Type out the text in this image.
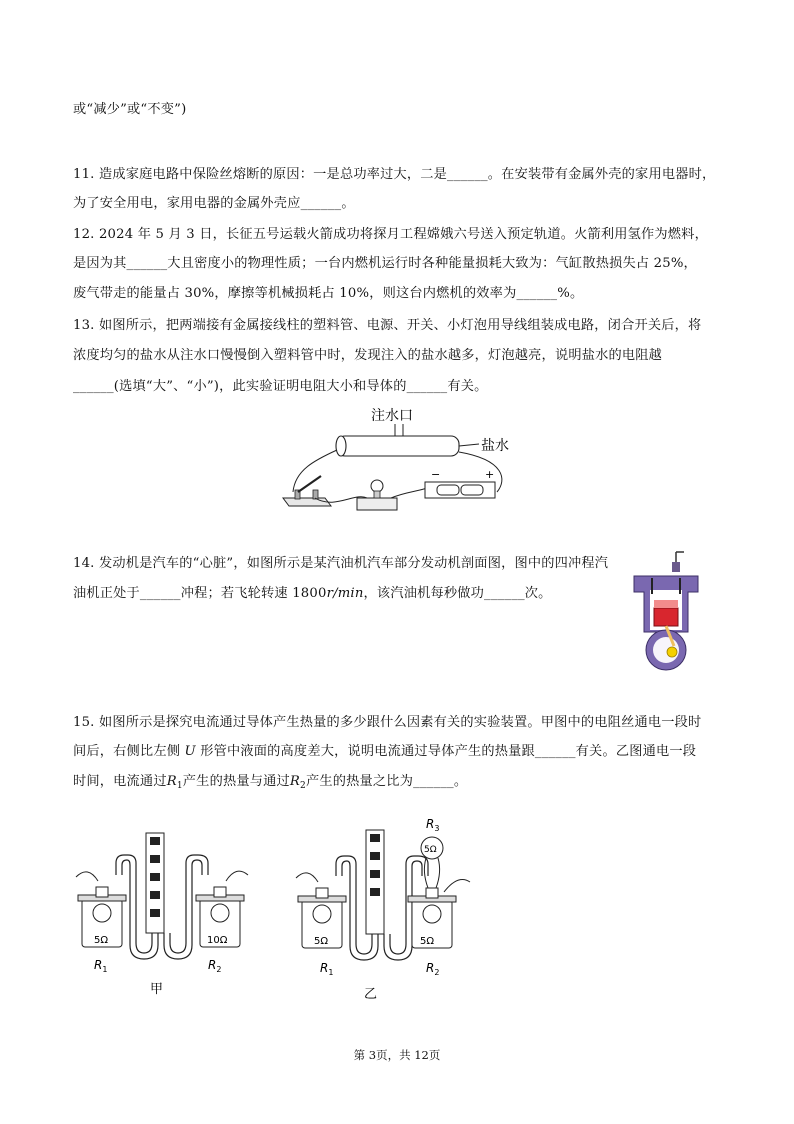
或“减少”或“不变”)
11. 造成家庭电路中保险丝熔断的原因：一是总功率过大，二是______。在安装带有金属外壳的家用电器时，
为了安全用电，家用电器的金属外壳应______。
12. 2024 年 5 月 3 日，长征五号运载火箭成功将探月工程嫦娥六号送入预定轨道。火箭利用氢作为燃料，
是因为其______大且密度小的物理性质；一台内燃机运行时各种能量损耗大致为：气缸散热损失占 25%，
废气带走的能量占 30%，摩擦等机械损耗占 10%，则这台内燃机的效率为______%。
13. 如图所示，把两端接有金属接线柱的塑料管、电源、开关、小灯泡用导线组装成电路，闭合开关后，将
浓度均匀的盐水从注水口慢慢倒入塑料管中时，发现注入的盐水越多，灯泡越亮，说明盐水的电阻越
______(选填“大”、“小”)，此实验证明电阻大小和导体的______有关。
注水口
盐水
−	+
14. 发动机是汽车的“心脏”，如图所示是某汽油机汽车部分发动机剖面图，图中的四冲程汽
油机正处于______冲程；若飞轮转速 1800r/min，该汽油机每秒做功______次。
15. 如图所示是探究电流通过导体产生热量的多少跟什么因素有关的实验装置。甲图中的电阻丝通电一段时
间后，右侧比左侧 U 形管中液面的高度差大，说明电流通过导体产生的热量跟______有关。乙图通电一段
时间，电流通过$R_1$产生的热量与通过$R_2$产生的热量之比为______。
5Ω	10Ω
$R_1$	$R_2$
甲
5Ω	5Ω
5Ω
$R_3$
$R_1$	$R_2$
乙
第 3页，共 12页
